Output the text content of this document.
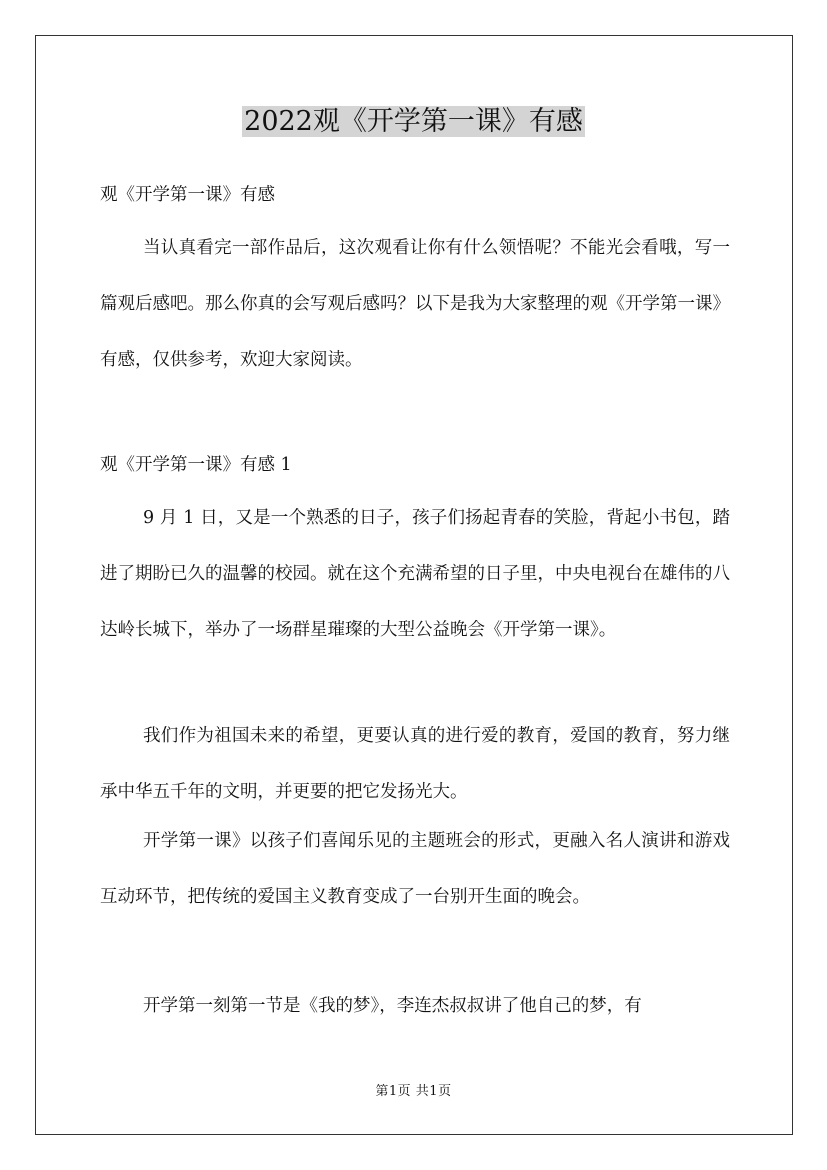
2022观《开学第一课》有感

观《开学第一课》有感

当认真看完一部作品后，这次观看让你有什么领悟呢？不能光会看哦，写一篇观后感吧。那么你真的会写观后感吗？以下是我为大家整理的观《开学第一课》有感，仅供参考，欢迎大家阅读。

观《开学第一课》有感 1

9 月 1 日，又是一个熟悉的日子，孩子们扬起青春的笑脸，背起小书包，踏进了期盼已久的温馨的校园。就在这个充满希望的日子里，中央电视台在雄伟的八达岭长城下，举办了一场群星璀璨的大型公益晚会《开学第一课》。

我们作为祖国未来的希望，更要认真的进行爱的教育，爱国的教育，努力继承中华五千年的文明，并更要的把它发扬光大。

开学第一课》以孩子们喜闻乐见的主题班会的形式，更融入名人演讲和游戏互动环节，把传统的爱国主义教育变成了一台别开生面的晚会。

开学第一刻第一节是《我的梦》，李连杰叔叔讲了他自己的梦，有

第1页 共1页
